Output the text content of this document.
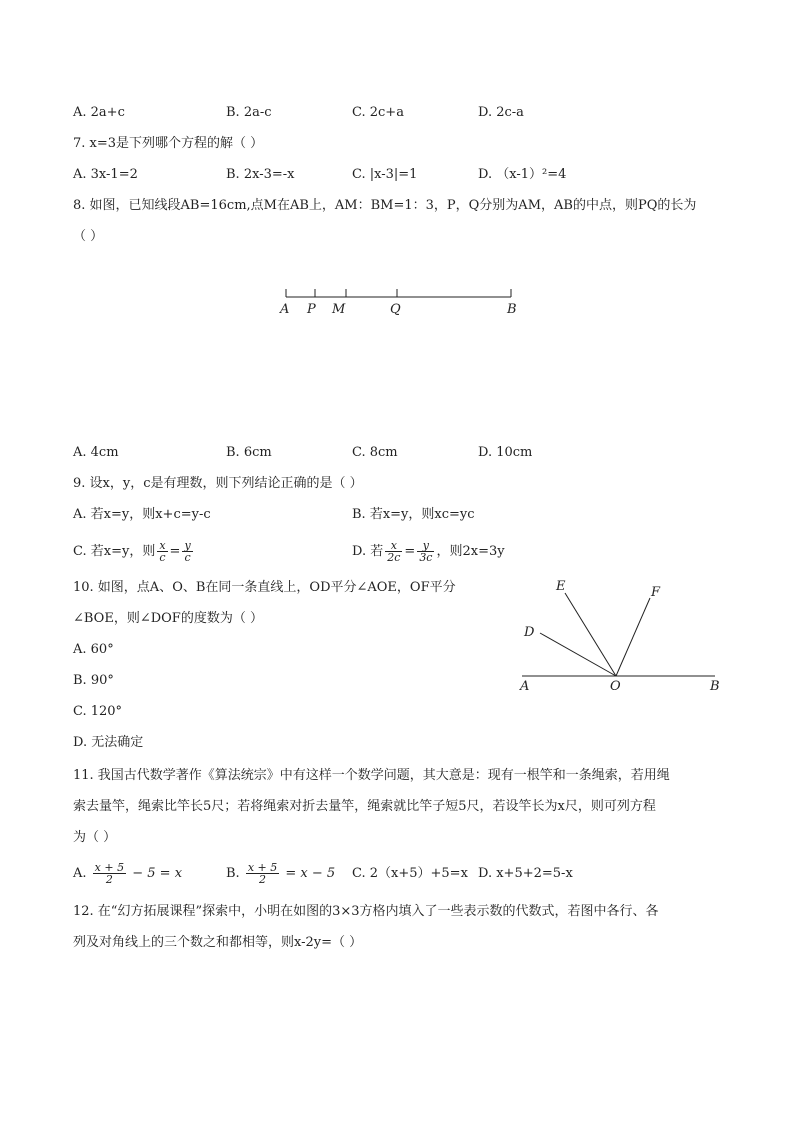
A. 2a+c	B. 2a-c	C. 2c+a	D. 2c-a
7. x=3是下列哪个方程的解（ ）
A. 3x-1=2	B. 2x-3=-x	C. |x-3|=1	D. （x-1）²=4
8. 如图，已知线段AB=16cm,点M在AB上，AM：BM=1：3，P，Q分别为AM，AB的中点，则PQ的长为
（ ）
A P M	Q	B
A. 4cm	B. 6cm	C. 8cm	D. 10cm
9. 设x，y，c是有理数，则下列结论正确的是（ ）
A. 若x=y，则x+c=y-c	B. 若x=y，则xc=yc
C. 若x=y，则 $\frac{x}{c} = \frac{y}{c}$	D. 若 $\frac{x}{2c} = \frac{y}{3c}$ ，则2x=3y
10. 如图，点A、O、B在同一条直线上，OD平分∠AOE，OF平分
∠BOE，则∠DOF的度数为（ ）
A. 60°
B. 90°
C. 120°
D. 无法确定
E	F
D
A	O	B
11. 我国古代数学著作《算法统宗》中有这样一个数学问题，其大意是：现有一根竿和一条绳索，若用绳
索去量竿，绳索比竿长5尺；若将绳索对折去量竿，绳索就比竿子短5尺，若设竿长为x尺，则可列方程
为（ ）
A. $\frac{x + 5}{2} - 5 = x$	B. $\frac{x + 5}{2} = x - 5$ C. 2（x+5）+5=x D. x+5+2=5-x
12. 在“幻方拓展课程”探索中，小明在如图的3×3方格内填入了一些表示数的代数式，若图中各行、各
列及对角线上的三个数之和都相等，则x-2y=（ ）
